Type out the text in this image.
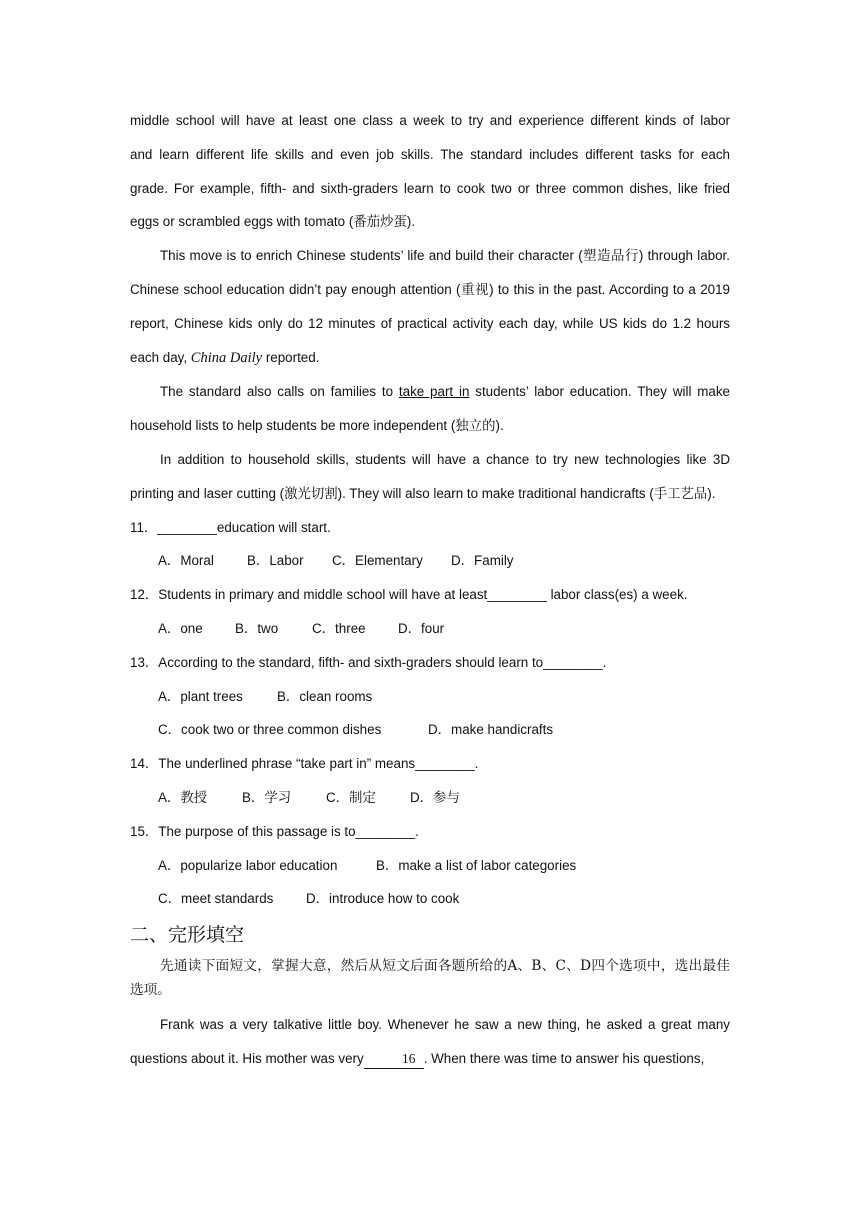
middle school will have at least one class a week to try and experience different kinds of labor
and learn different life skills and even job skills. The standard includes different tasks for each
grade. For example, fifth- and sixth-graders learn to cook two or three common dishes, like fried
eggs or scrambled eggs with tomato (番茄炒蛋).

This move is to enrich Chinese students’ life and build their character (塑造品行) through labor. Chinese school education didn’t pay enough attention (重视) to this in the past. According to a 2019 report, Chinese kids only do 12 minutes of practical activity each day, while US kids do 1.2 hours each day, China Daily reported.

The standard also calls on families to take part in students’ labor education. They will make household lists to help students be more independent (独立的).

In addition to household skills, students will have a chance to try new technologies like 3D printing and laser cutting (激光切割). They will also learn to make traditional handicrafts (手工艺品).

11．________education will start.
A．Moral B．Labor C．Elementary D．Family
12．Students in primary and middle school will have at least________ labor class(es) a week.
A．one B．two	C．three D．four
13．According to the standard, fifth- and sixth-graders should learn to________.
A．plant trees	B．clean rooms
C．cook two or three common dishes	D．make handicrafts
14．The underlined phrase “take part in” means________.
A．教授	B．学习	C．制定	D．参与
15．The purpose of this passage is to________.
A．popularize labor education	B．make a list of labor categories
C．meet standards D．introduce how to cook
二、完形填空

先通读下面短文，掌握大意，然后从短文后面各题所给的A、B、C、D四个选项中，选出最佳选项。

Frank was a very talkative little boy. Whenever he saw a new thing, he asked a great many questions about it. His mother was very	16 . When there was time to answer his questions,
